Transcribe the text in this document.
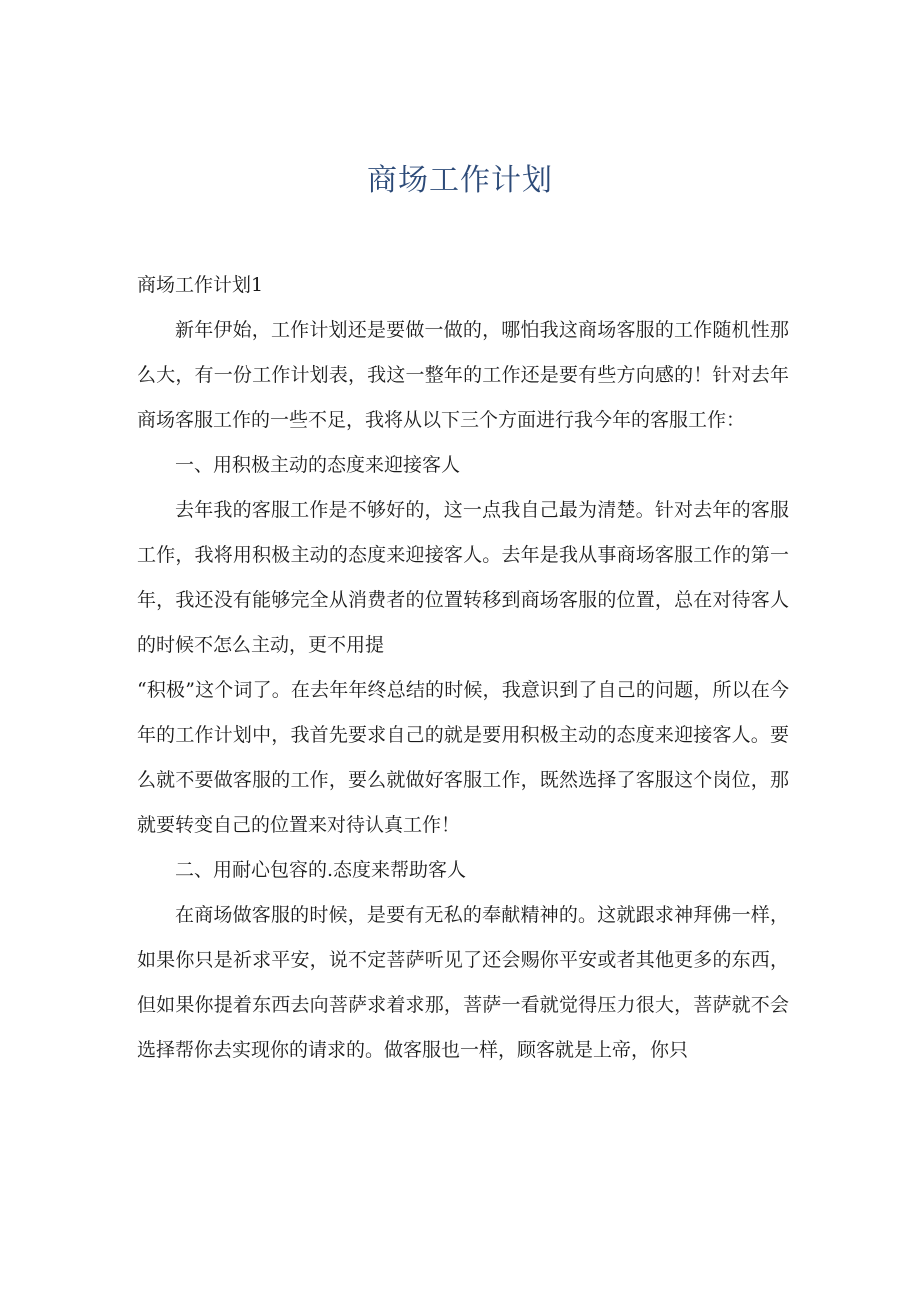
商场工作计划

商场工作计划1

新年伊始，工作计划还是要做一做的，哪怕我这商场客服的工作随机性那么大，有一份工作计划表，我这一整年的工作还是要有些方向感的！针对去年商场客服工作的一些不足，我将从以下三个方面进行我今年的客服工作：

一、用积极主动的态度来迎接客人

去年我的客服工作是不够好的，这一点我自己最为清楚。针对去年的客服工作，我将用积极主动的态度来迎接客人。去年是我从事商场客服工作的第一年，我还没有能够完全从消费者的位置转移到商场客服的位置，总在对待客人的时候不怎么主动，更不用提

“积极”这个词了。在去年年终总结的时候，我意识到了自己的问题，所以在今年的工作计划中，我首先要求自己的就是要用积极主动的态度来迎接客人。要么就不要做客服的工作，要么就做好客服工作，既然选择了客服这个岗位，那就要转变自己的位置来对待认真工作！

二、用耐心包容的.态度来帮助客人

在商场做客服的时候，是要有无私的奉献精神的。这就跟求神拜佛一样，如果你只是祈求平安，说不定菩萨听见了还会赐你平安或者其他更多的东西，但如果你提着东西去向菩萨求着求那，菩萨一看就觉得压力很大，菩萨就不会选择帮你去实现你的请求的。做客服也一样，顾客就是上帝，你只
